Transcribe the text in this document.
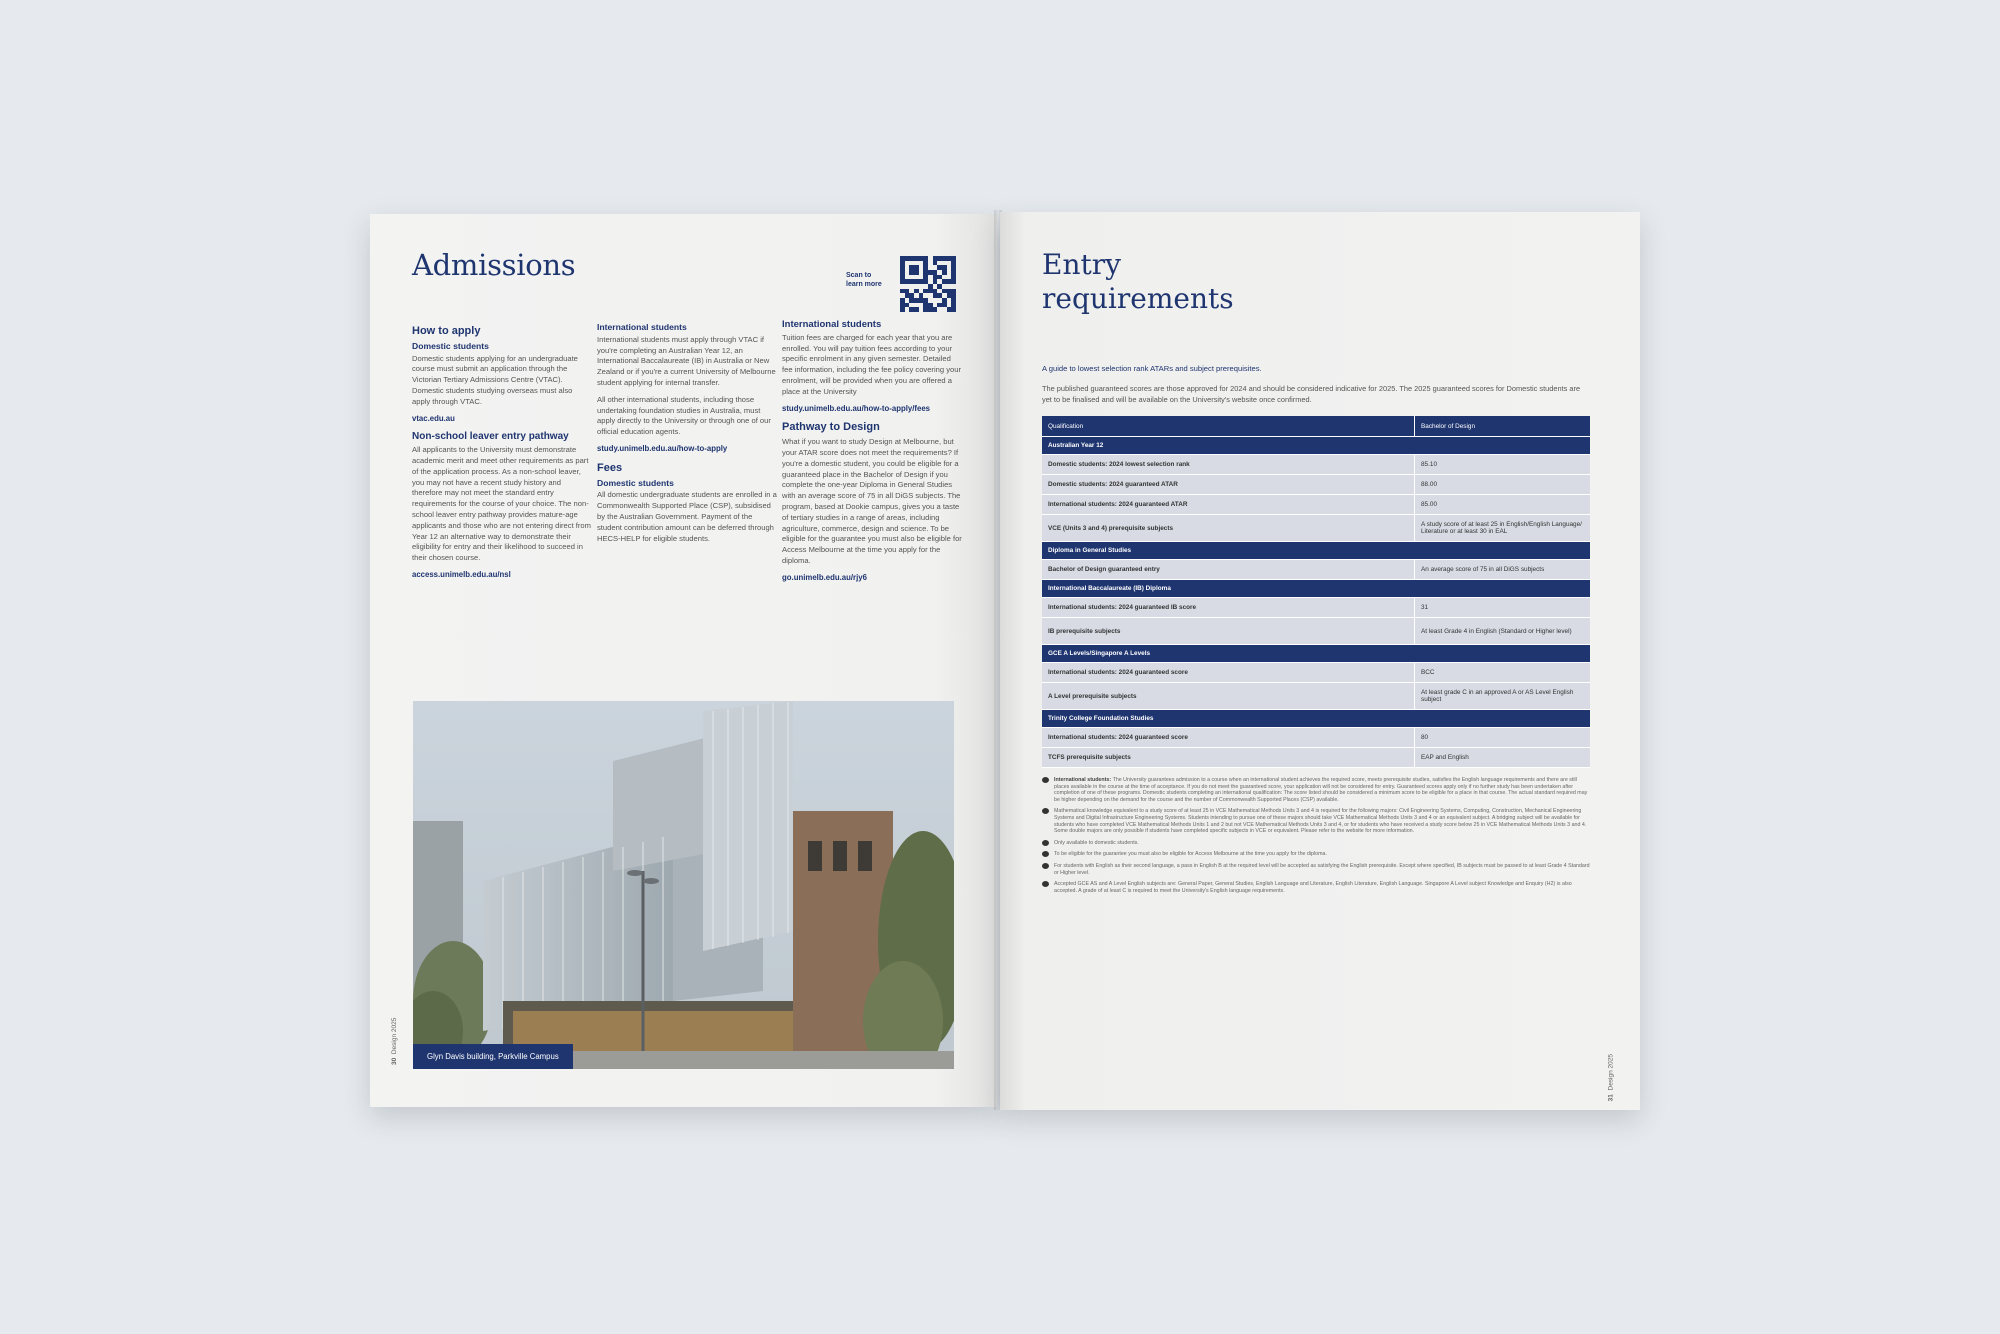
Admissions	Scan to
learn more
How to apply
Domestic students

Domestic students applying for an undergraduate course must submit an application through the Victorian Tertiary Admissions Centre (VTAC). Domestic students studying overseas must also apply through VTAC.

vtac.edu.au
Non-school leaver entry pathway

All applicants to the University must demonstrate academic merit and meet other requirements as part of the application process. As a non-school leaver, you may not have a recent study history and therefore may not meet the standard entry requirements for the course of your choice. The non-school leaver entry pathway provides mature-age applicants and those who are not entering direct from Year 12 an alternative way to demonstrate their eligibility for entry and their likelihood to succeed in their chosen course.

access.unimelb.edu.au/nsl
International students

International students must apply through VTAC if you're completing an Australian Year 12, an International Baccalaureate (IB) in Australia or New Zealand or if you're a current University of Melbourne student applying for internal transfer.

All other international students, including those undertaking foundation studies in Australia, must apply directly to the University or through one of our official education agents.

study.unimelb.edu.au/how-to-apply
Fees
Domestic students

All domestic undergraduate students are enrolled in a Commonwealth Supported Place (CSP), subsidised by the Australian Government. Payment of the student contribution amount can be deferred through HECS-HELP for eligible students.

International students

Tuition fees are charged for each year that you are enrolled. You will pay tuition fees according to your specific enrolment in any given semester. Detailed fee information, including the fee policy covering your enrolment, will be provided when you are offered a place at the University

study.unimelb.edu.au/how-to-apply/fees
Pathway to Design

What if you want to study Design at Melbourne, but your ATAR score does not meet the requirements? If you're a domestic student, you could be eligible for a guaranteed place in the Bachelor of Design if you complete the one-year Diploma in General Studies with an average score of 75 in all DiGS subjects. The program, based at Dookie campus, gives you a taste of tertiary studies in a range of areas, including agriculture, commerce, design and science. To be eligible for the guarantee you must also be eligible for Access Melbourne at the time you apply for the diploma.

go.unimelb.edu.au/rjy6
Glyn Davis building, Parkville Campus
30  Design 2025
Entry
requirements
A guide to lowest selection rank ATARs and subject prerequisites.
The published guaranteed scores are those approved for 2024 and should be considered indicative for 2025. The 2025 guaranteed scores for Domestic students are yet to be finalised and will be available on the University's website once confirmed.
Qualification	Bachelor of Design
Australian Year 12	
Domestic students: 2024 lowest selection rank	85.10
Domestic students: 2024 guaranteed ATAR	88.00
International students: 2024 guaranteed ATAR	85.00
VCE (Units 3 and 4) prerequisite subjects	A study score of at least 25 in English/English Language/ Literature or at least 30 in EAL
Diploma in General Studies	
Bachelor of Design guaranteed entry	An average score of 75 in all DiGS subjects
International Baccalaureate (IB) Diploma	
International students: 2024 guaranteed IB score	31
IB prerequisite subjects	At least Grade 4 in English (Standard or Higher level)
GCE A Levels/Singapore A Levels	
International students: 2024 guaranteed score	BCC
A Level prerequisite subjects	At least grade C in an approved A or AS Level English subject
Trinity College Foundation Studies	
International students: 2024 guaranteed score	80
TCFS prerequisite subjects	EAP and English
International students: The University guarantees admission to a course when an international student achieves the required score, meets prerequisite studies, satisfies the English language requirements and there are still places available in the course at the time of acceptance. If you do not meet the guaranteed score, your application will not be considered for entry. Guaranteed scores apply only if no further study has been undertaken after completion of one of these programs. Domestic students completing an international qualification: The score listed should be considered a minimum score to be eligible for a place in that course. The actual standard required may be higher depending on the demand for the course and the number of Commonwealth Supported Places (CSP) available.
Mathematical knowledge equivalent to a study score of at least 25 in VCE Mathematical Methods Units 3 and 4 is required for the following majors: Civil Engineering Systems, Computing, Construction, Mechanical Engineering Systems and Digital Infrastructure Engineering Systems. Students intending to pursue one of these majors should take VCE Mathematical Methods Units 3 and 4 or an equivalent subject. A bridging subject will be available for students who have completed VCE Mathematical Methods Units 1 and 2 but not VCE Mathematical Methods Units 3 and 4, or for students who have received a study score below 25 in VCE Mathematical Methods Units 3 and 4. Some double majors are only possible if students have completed specific subjects in VCE or equivalent. Please refer to the website for more information.
Only available to domestic students.
To be eligible for the guarantee you must also be eligible for Access Melbourne at the time you apply for the diploma.
For students with English as their second language, a pass in English B at the required level will be accepted as satisfying the English prerequisite. Except where specified, IB subjects must be passed to at least Grade 4 Standard or Higher level.
Accepted GCE AS and A Level English subjects are: General Paper, General Studies, English Language and Literature, English Literature, English Language. Singapore A Level subject Knowledge and Enquiry (H2) is also accepted. A grade of at least C is required to meet the University's English language requirements.
31  Design 2025
